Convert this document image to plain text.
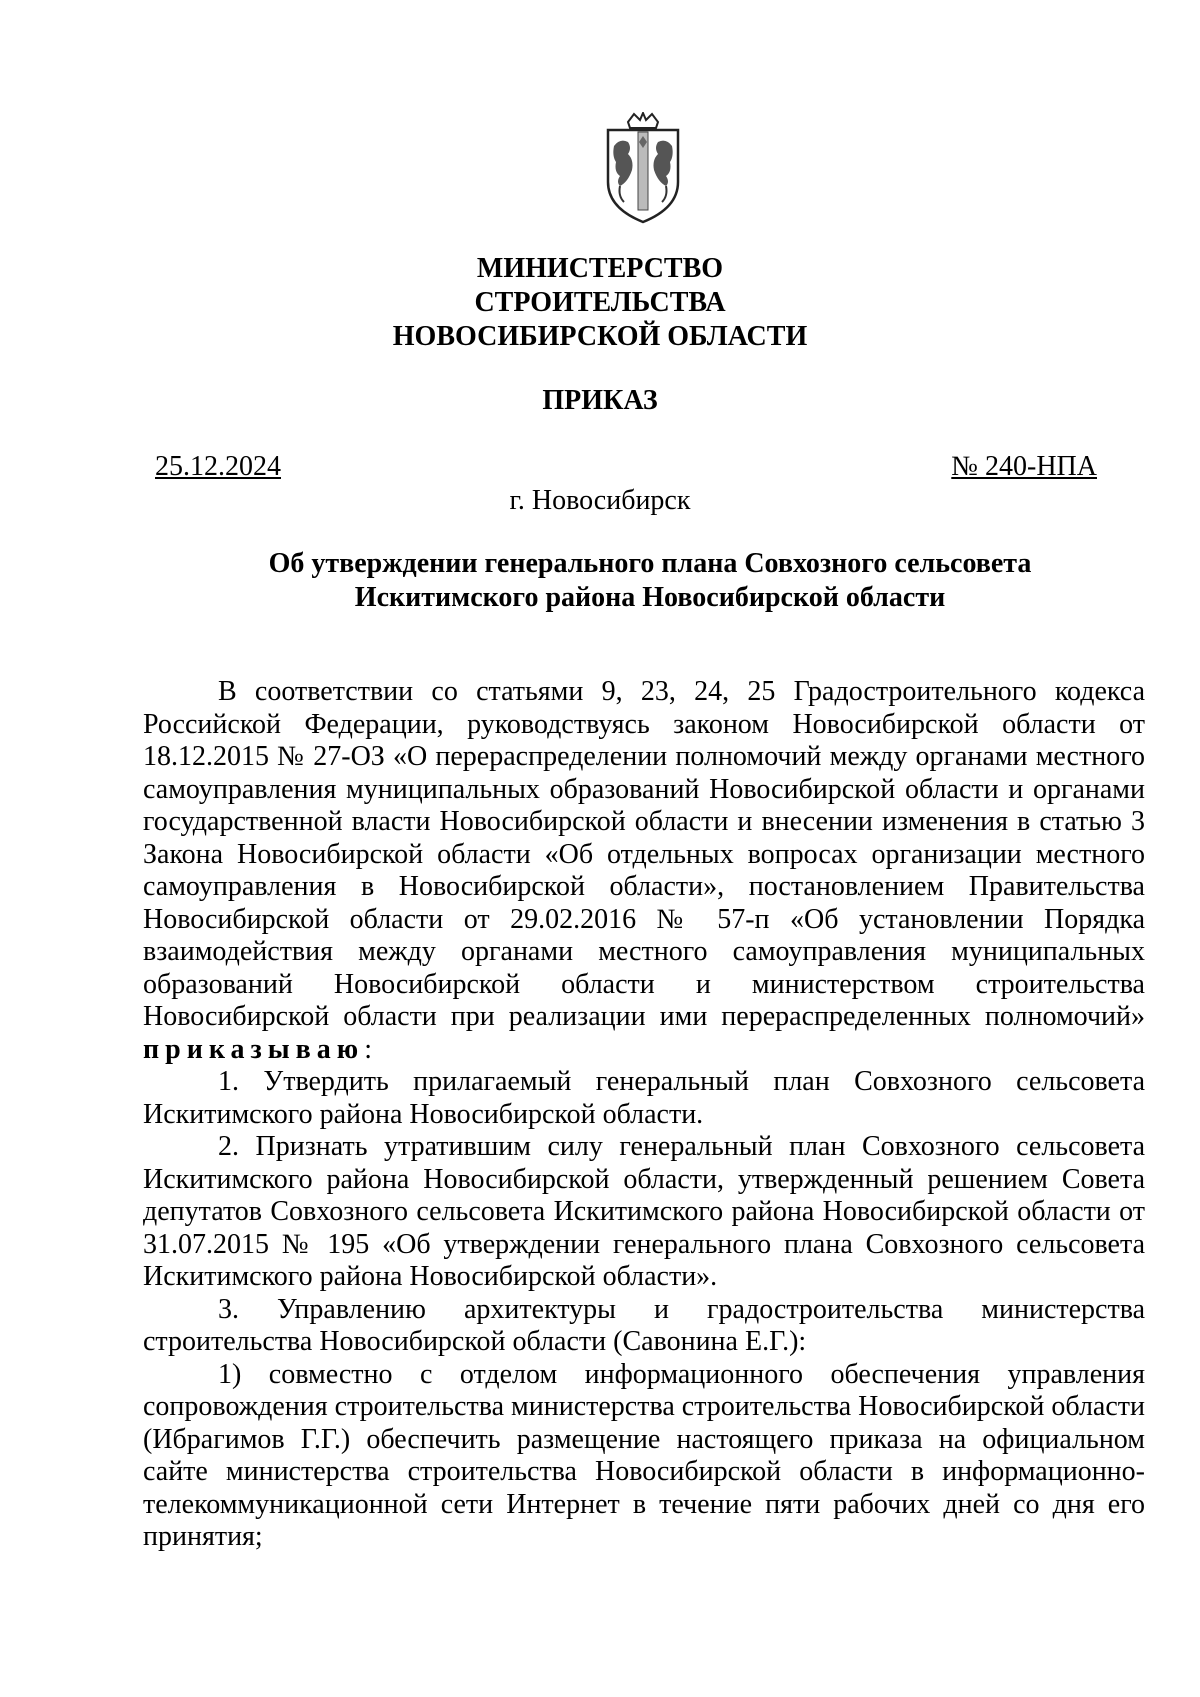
МИНИСТЕРСТВО
СТРОИТЕЛЬСТВА
НОВОСИБИРСКОЙ ОБЛАСТИ
ПРИКАЗ
25.12.2024	№ 240-НПА
г. Новосибирск
Об утверждении генерального плана Совхозного сельсовета
Искитимского района Новосибирской области

В соответствии со статьями 9, 23, 24, 25 Градостроительного кодекса Российской Федерации, руководствуясь законом Новосибирской области от 18.12.2015 № 27-ОЗ «О перераспределении полномочий между органами местного самоуправления муниципальных образований Новосибирской области и органами государственной власти Новосибирской области и внесении изменения в статью 3 Закона Новосибирской области «Об отдельных вопросах организации местного самоуправления в Новосибирской области», постановлением Правительства Новосибирской области от 29.02.2016 № 57-п «Об установлении Порядка взаимодействия между органами местного самоуправления муниципальных образований Новосибирской области и министерством строительства Новосибирской области при реализации ими перераспределенных полномочий» приказываю:

1. Утвердить прилагаемый генеральный план Совхозного сельсовета Искитимского района Новосибирской области.

2. Признать утратившим силу генеральный план Совхозного сельсовета Искитимского района Новосибирской области, утвержденный решением Совета депутатов Совхозного сельсовета Искитимского района Новосибирской области от 31.07.2015 № 195 «Об утверждении генерального плана Совхозного сельсовета Искитимского района Новосибирской области».

3. Управлению архитектуры и градостроительства министерства строительства Новосибирской области (Савонина Е.Г.):

1) совместно с отделом информационного обеспечения управления сопровождения строительства министерства строительства Новосибирской области (Ибрагимов Г.Г.) обеспечить размещение настоящего приказа на официальном сайте министерства строительства Новосибирской области в информационно-телекоммуникационной сети Интернет в течение пяти рабочих дней со дня его принятия;
